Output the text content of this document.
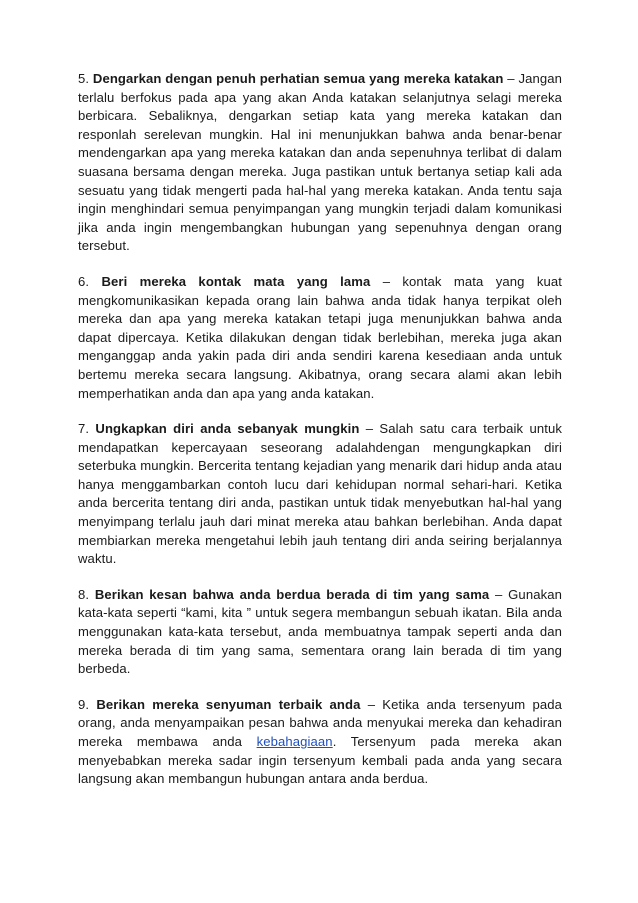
5. Dengarkan dengan penuh perhatian semua yang mereka katakan – Jangan terlalu berfokus pada apa yang akan Anda katakan selanjutnya selagi mereka berbicara. Sebaliknya, dengarkan setiap kata yang mereka katakan dan responlah serelevan mungkin. Hal ini menunjukkan bahwa anda benar-benar mendengarkan apa yang mereka katakan dan anda sepenuhnya terlibat di dalam suasana bersama dengan mereka. Juga pastikan untuk bertanya setiap kali ada sesuatu yang tidak mengerti pada hal-hal yang mereka katakan. Anda tentu saja ingin menghindari semua penyimpangan yang mungkin terjadi dalam komunikasi jika anda ingin mengembangkan hubungan yang sepenuhnya dengan orang tersebut.

6. Beri mereka kontak mata yang lama – kontak mata yang kuat mengkomunikasikan kepada orang lain bahwa anda tidak hanya terpikat oleh mereka dan apa yang mereka katakan tetapi juga menunjukkan bahwa anda dapat dipercaya. Ketika dilakukan dengan tidak berlebihan, mereka juga akan menganggap anda yakin pada diri anda sendiri karena kesediaan anda untuk bertemu mereka secara langsung. Akibatnya, orang secara alami akan lebih memperhatikan anda dan apa yang anda katakan.

7. Ungkapkan diri anda sebanyak mungkin – Salah satu cara terbaik untuk mendapatkan kepercayaan seseorang adalahdengan mengungkapkan diri seterbuka mungkin. Bercerita tentang kejadian yang menarik dari hidup anda atau hanya menggambarkan contoh lucu dari kehidupan normal sehari-hari. Ketika anda bercerita tentang diri anda, pastikan untuk tidak menyebutkan hal-hal yang menyimpang terlalu jauh dari minat mereka atau bahkan berlebihan. Anda dapat membiarkan mereka mengetahui lebih jauh tentang diri anda seiring berjalannya waktu.

8. Berikan kesan bahwa anda berdua berada di tim yang sama – Gunakan kata-kata seperti “kami, kita ” untuk segera membangun sebuah ikatan. Bila anda menggunakan kata-kata tersebut, anda membuatnya tampak seperti anda dan mereka berada di tim yang sama, sementara orang lain berada di tim yang berbeda.

9. Berikan mereka senyuman terbaik anda – Ketika anda tersenyum pada orang, anda menyampaikan pesan bahwa anda menyukai mereka dan kehadiran mereka membawa anda kebahagiaan. Tersenyum pada mereka akan menyebabkan mereka sadar ingin tersenyum kembali pada anda yang secara langsung akan membangun hubungan antara anda berdua.
